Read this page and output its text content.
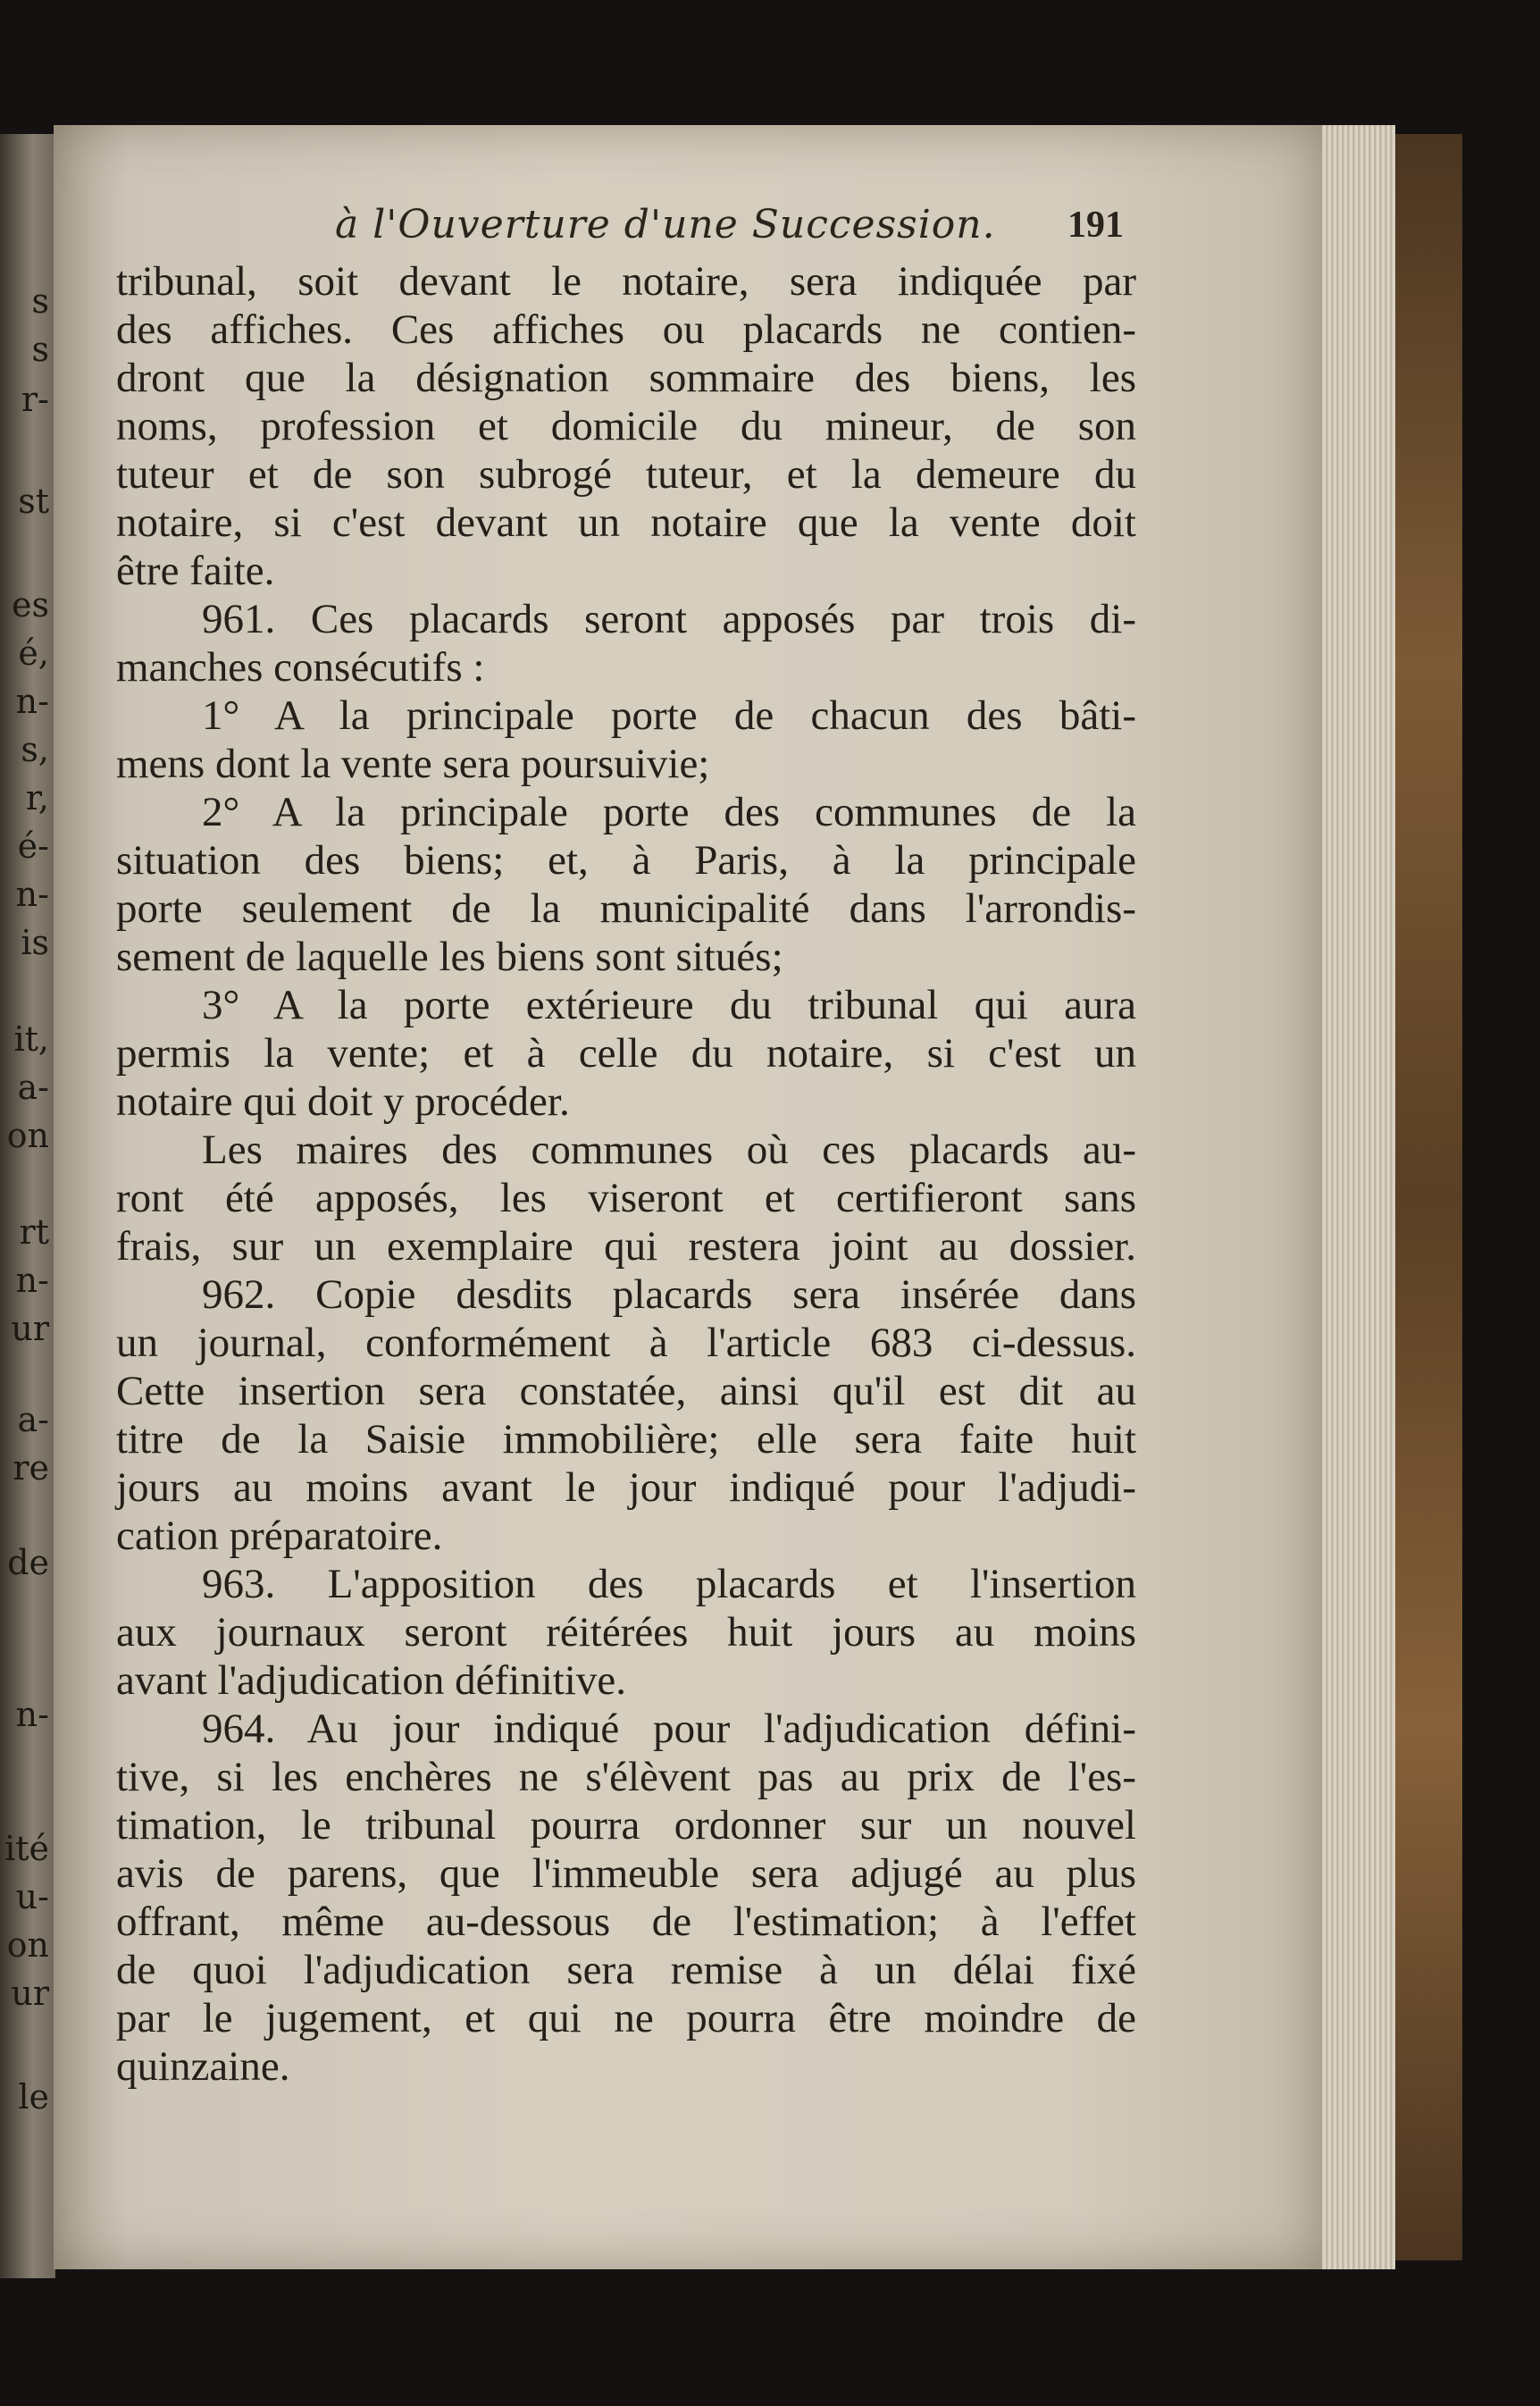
s
s
r-
st
es
é,
n-
s,
r,
é-
n-
is
it,
a-
on
rt
n-
ur
a-
re
de
n-
ité
u-
on
ur
le
à l'Ouverture d'une Succession.	191
tribunal, soit devant le notaire, sera indiquée par
des affiches. Ces affiches ou placards ne contien-
dront que la désignation sommaire des biens, les
noms, profession et domicile du mineur, de son
tuteur et de son subrogé tuteur, et la demeure du
notaire, si c'est devant un notaire que la vente doit
être faite.
961. Ces placards seront apposés par trois di-
manches consécutifs :
1° A la principale porte de chacun des bâti-
mens dont la vente sera poursuivie;
2° A la principale porte des communes de la
situation des biens; et, à Paris, à la principale
porte seulement de la municipalité dans l'arrondis-
sement de laquelle les biens sont situés;
3° A la porte extérieure du tribunal qui aura
permis la vente; et à celle du notaire, si c'est un
notaire qui doit y procéder.
Les maires des communes où ces placards au-
ront été apposés, les viseront et certifieront sans
frais, sur un exemplaire qui restera joint au dossier.
962. Copie desdits placards sera insérée dans
un journal, conformément à l'article 683 ci-dessus.
Cette insertion sera constatée, ainsi qu'il est dit au
titre de la Saisie immobilière; elle sera faite huit
jours au moins avant le jour indiqué pour l'adjudi-
cation préparatoire.
963. L'apposition des placards et l'insertion
aux journaux seront réitérées huit jours au moins
avant l'adjudication définitive.
964. Au jour indiqué pour l'adjudication défini-
tive, si les enchères ne s'élèvent pas au prix de l'es-
timation, le tribunal pourra ordonner sur un nouvel
avis de parens, que l'immeuble sera adjugé au plus
offrant, même au-dessous de l'estimation; à l'effet
de quoi l'adjudication sera remise à un délai fixé
par le jugement, et qui ne pourra être moindre de
quinzaine.
